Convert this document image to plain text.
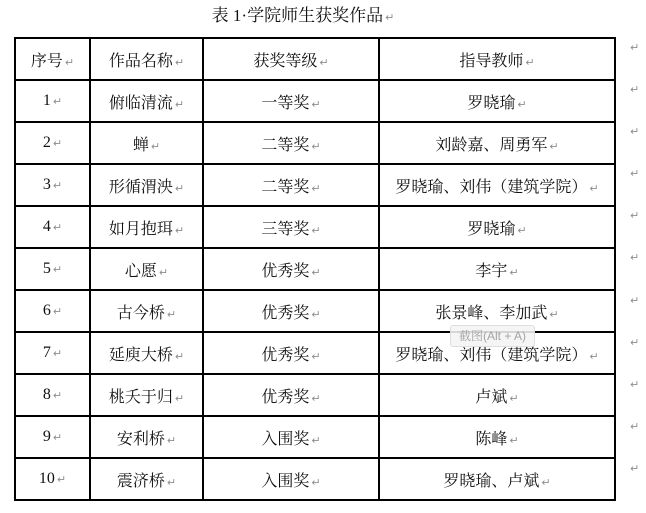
表 1·学院师生获奖作品 ↵
序号 ↵	作品名称 ↵	获奖等级 ↵	指导教师 ↵
1 ↵	俯临清流 ↵	一等奖 ↵	罗晓瑜 ↵
2 ↵	蝉 ↵	二等奖 ↵	刘龄嘉、周勇军 ↵
3 ↵	形循渭泱 ↵	二等奖 ↵	罗晓瑜、刘伟（建筑学院） ↵
4 ↵	如月抱珥 ↵	三等奖 ↵	罗晓瑜 ↵
5 ↵	心愿 ↵	优秀奖 ↵	李宇 ↵
6 ↵	古今桥 ↵	优秀奖 ↵	张景峰、李加武 ↵
7 ↵	延庾大桥 ↵	优秀奖 ↵	罗晓瑜、刘伟（建筑学院） ↵
8 ↵	桃夭于归 ↵	优秀奖 ↵	卢斌 ↵
9 ↵	安利桥 ↵	入围奖 ↵	陈峰 ↵
10 ↵	震济桥 ↵	入围奖 ↵	罗晓瑜、卢斌 ↵
↵
↵
↵
↵
↵
↵
↵
↵
↵
↵
↵
截图(Alt + A)
